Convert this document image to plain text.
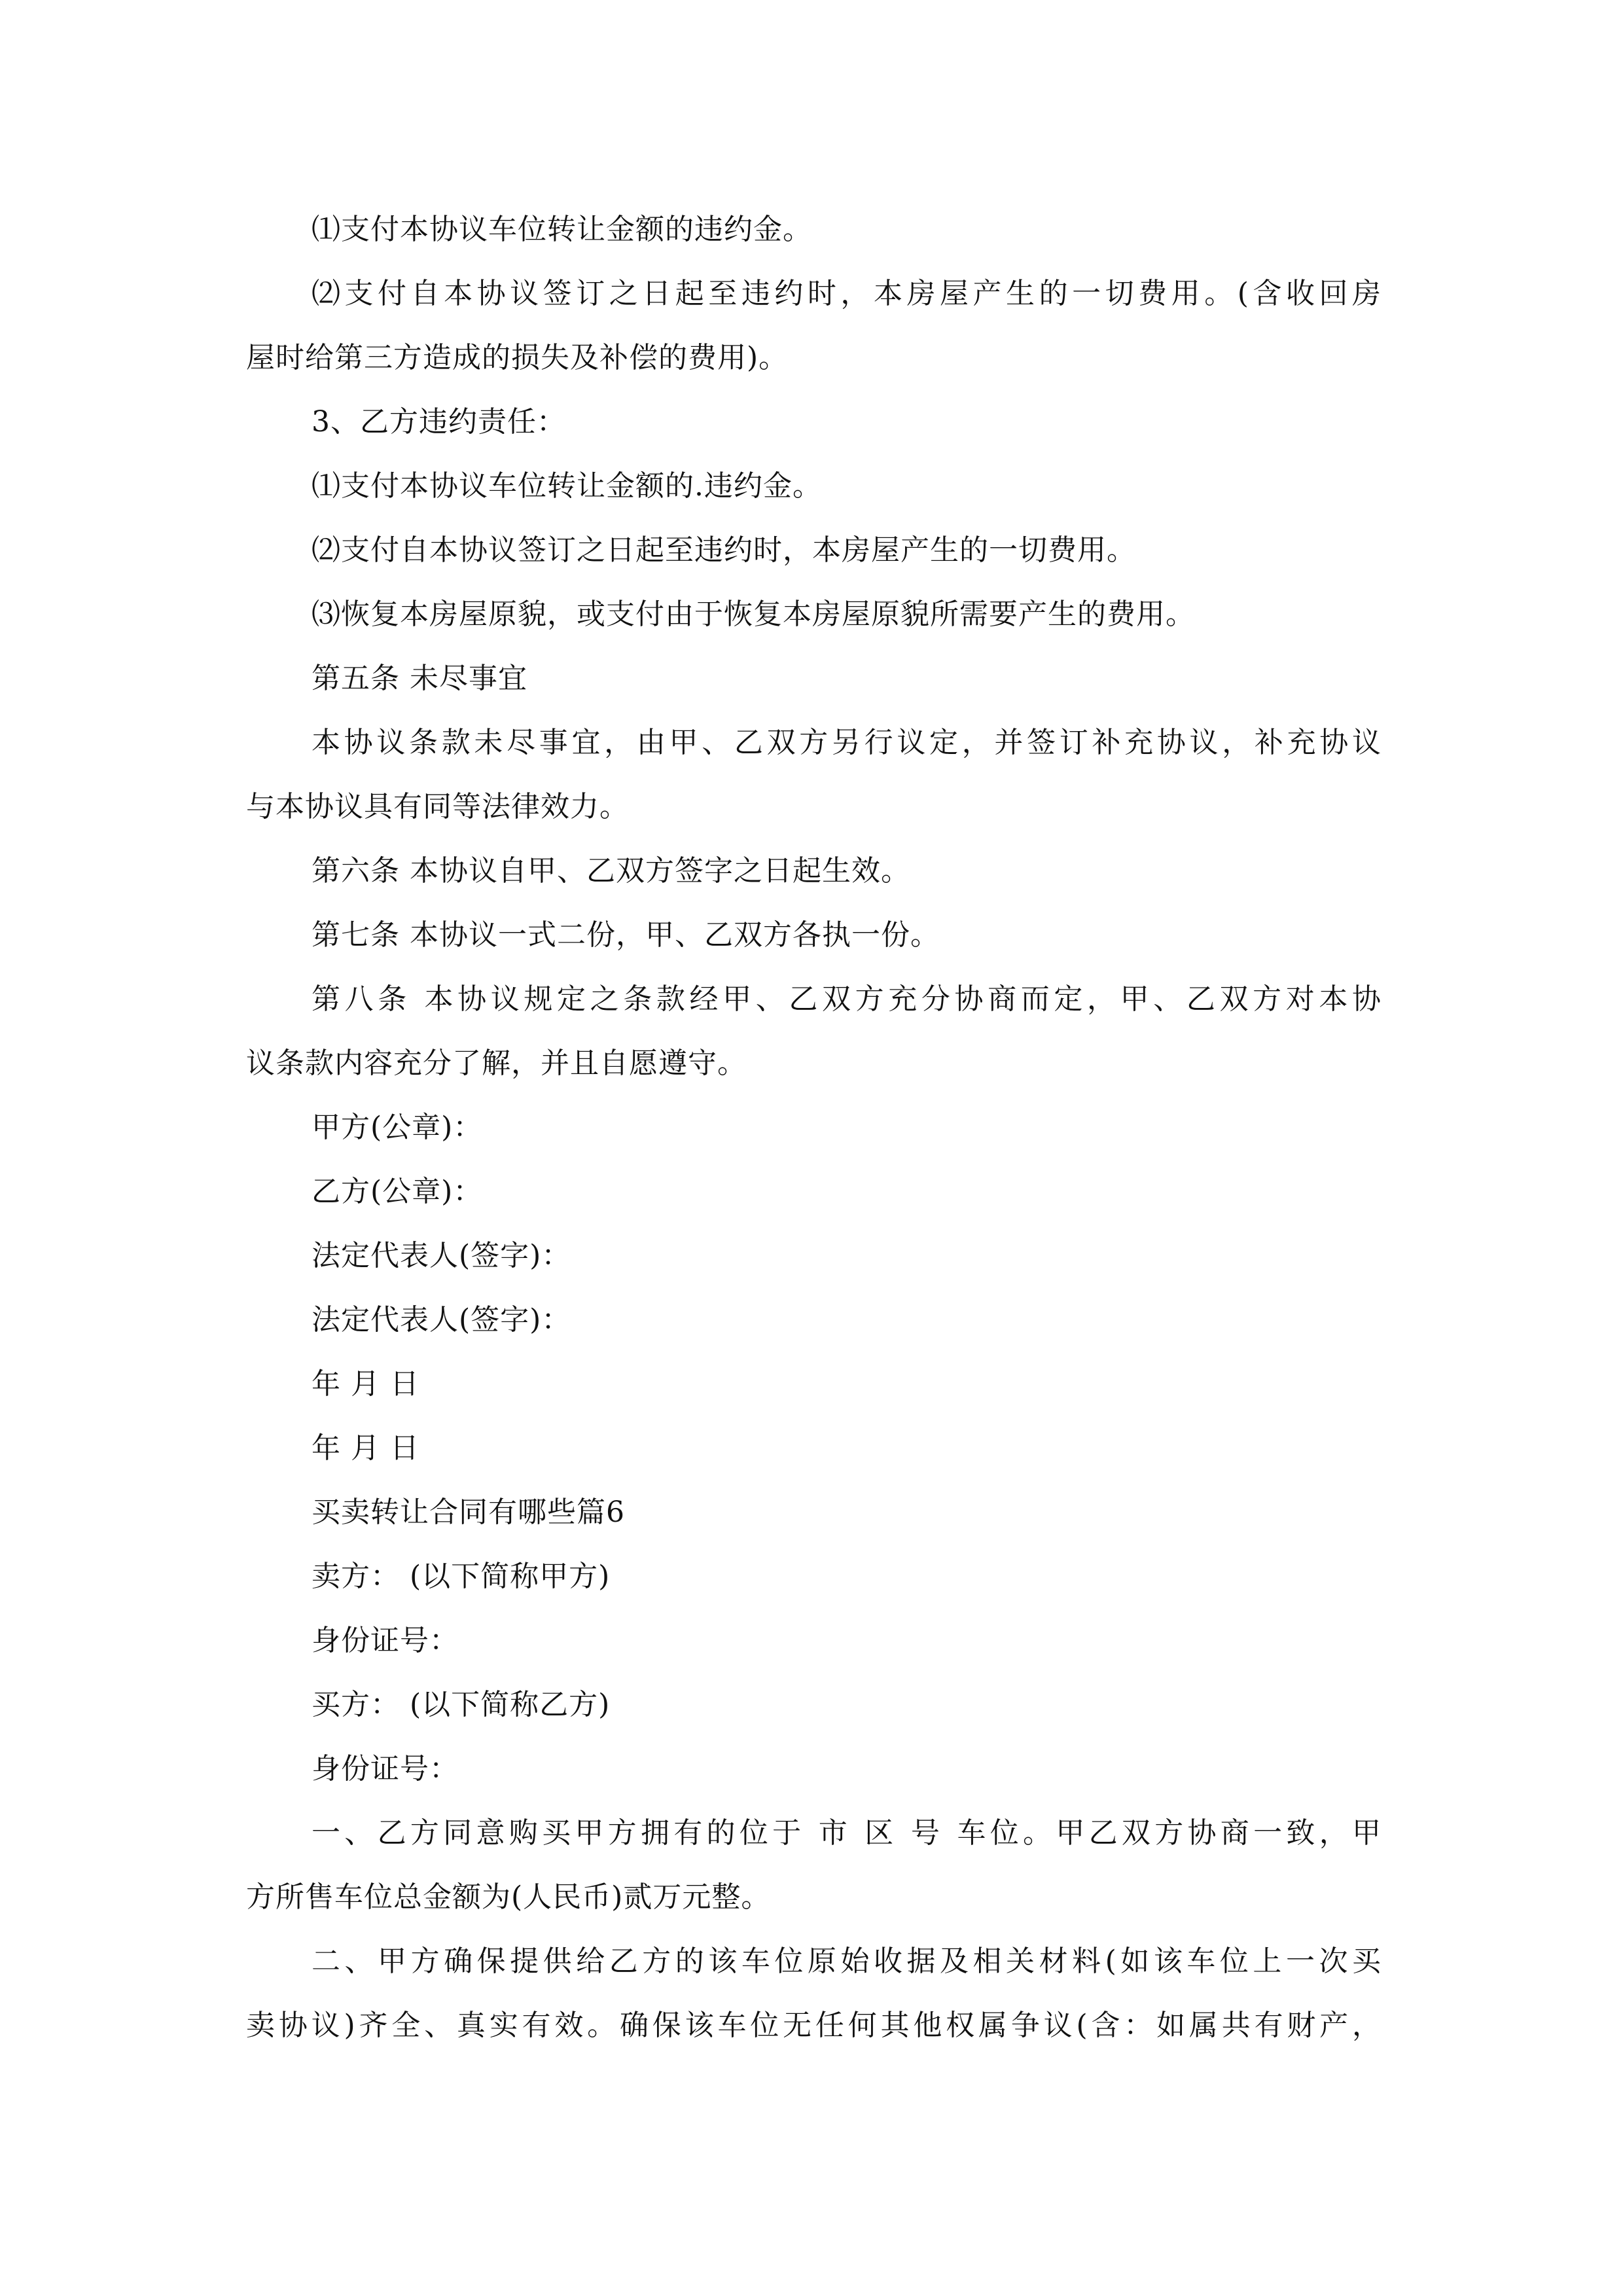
⑴支付本协议车位转让金额的违约金。
⑵支付自本协议签订之日起至违约时，本房屋产生的一切费用。(含收回房
屋时给第三方造成的损失及补偿的费用)。
3、乙方违约责任：
⑴支付本协议车位转让金额的.违约金。
⑵支付自本协议签订之日起至违约时，本房屋产生的一切费用。
⑶恢复本房屋原貌，或支付由于恢复本房屋原貌所需要产生的费用。
第五条 未尽事宜
本协议条款未尽事宜，由甲、乙双方另行议定，并签订补充协议，补充协议
与本协议具有同等法律效力。
第六条 本协议自甲、乙双方签字之日起生效。
第七条 本协议一式二份，甲、乙双方各执一份。
第八条 本协议规定之条款经甲、乙双方充分协商而定，甲、乙双方对本协
议条款内容充分了解，并且自愿遵守。
甲方(公章)：
乙方(公章)：
法定代表人(签字)：
法定代表人(签字)：
年 月 日
年 月 日
买卖转让合同有哪些篇6
卖方： (以下简称甲方)
身份证号：
买方： (以下简称乙方)
身份证号：
一、乙方同意购买甲方拥有的位于 市 区 号 车位。甲乙双方协商一致，甲
方所售车位总金额为(人民币)贰万元整。
二、甲方确保提供给乙方的该车位原始收据及相关材料(如该车位上一次买
卖协议)齐全、真实有效。确保该车位无任何其他权属争议(含：如属共有财产，
